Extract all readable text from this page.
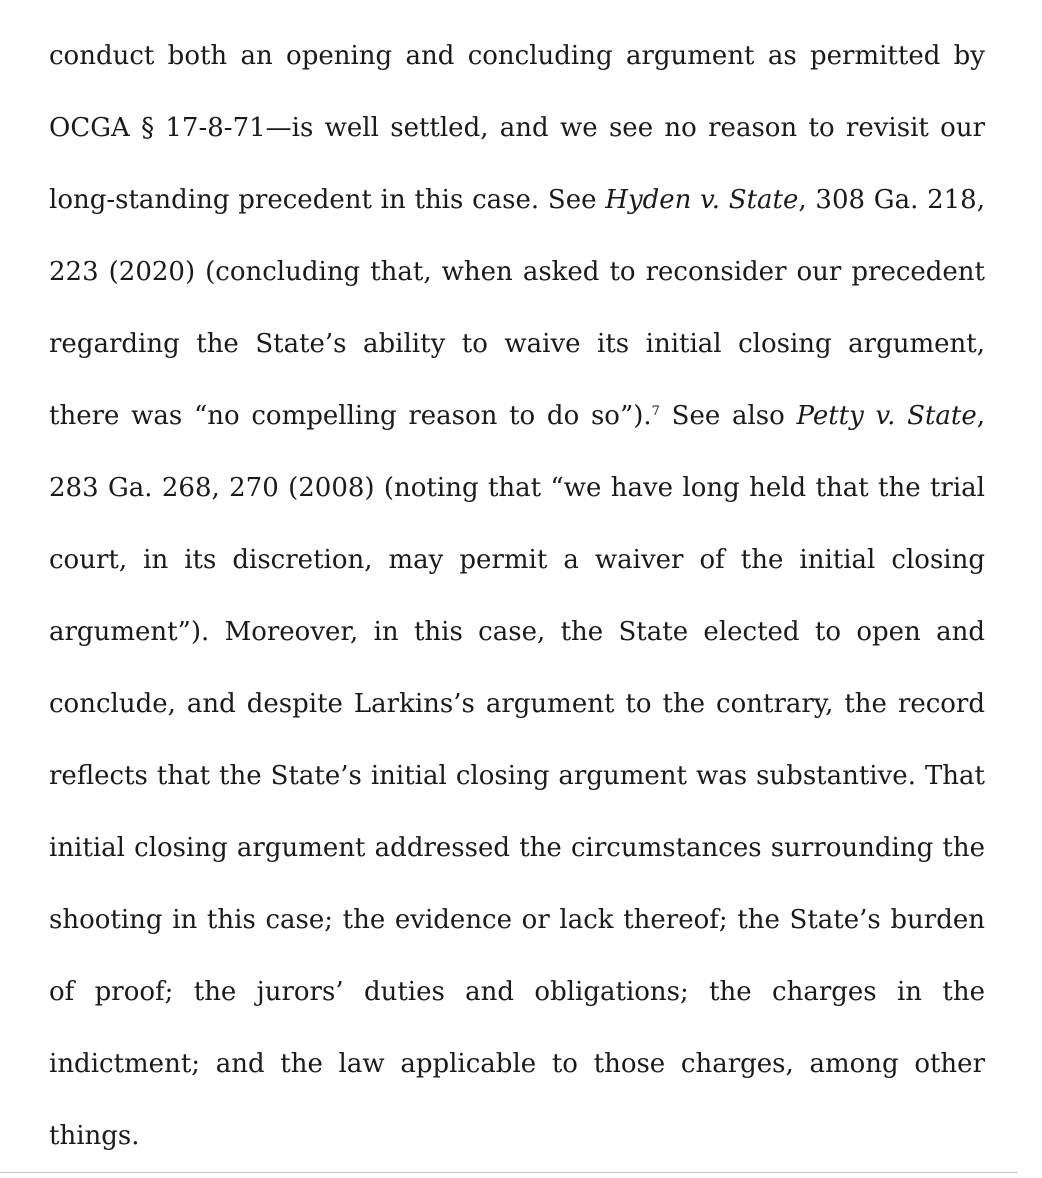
conduct both an opening and concluding argument as permitted by OCGA § 17-8-71—is well settled, and we see no reason to revisit our long-standing precedent in this case. See Hyden v. State, 308 Ga. 218, 223 (2020) (concluding that, when asked to reconsider our precedent regarding the State’s ability to waive its initial closing argument, there was “no compelling reason to do so”).$^7$ See also Petty v. State, 283 Ga. 268, 270 (2008) (noting that “we have long held that the trial court, in its discretion, may permit a waiver of the initial closing argument”). Moreover, in this case, the State elected to open and conclude, and despite Larkins’s argument to the contrary, the record reflects that the State’s initial closing argument was substantive. That initial closing argument addressed the circumstances surrounding the shooting in this case; the evidence or lack thereof; the State’s burden of proof; the jurors’ duties and obligations; the charges in the indictment; and the law applicable to those charges, among other things.
